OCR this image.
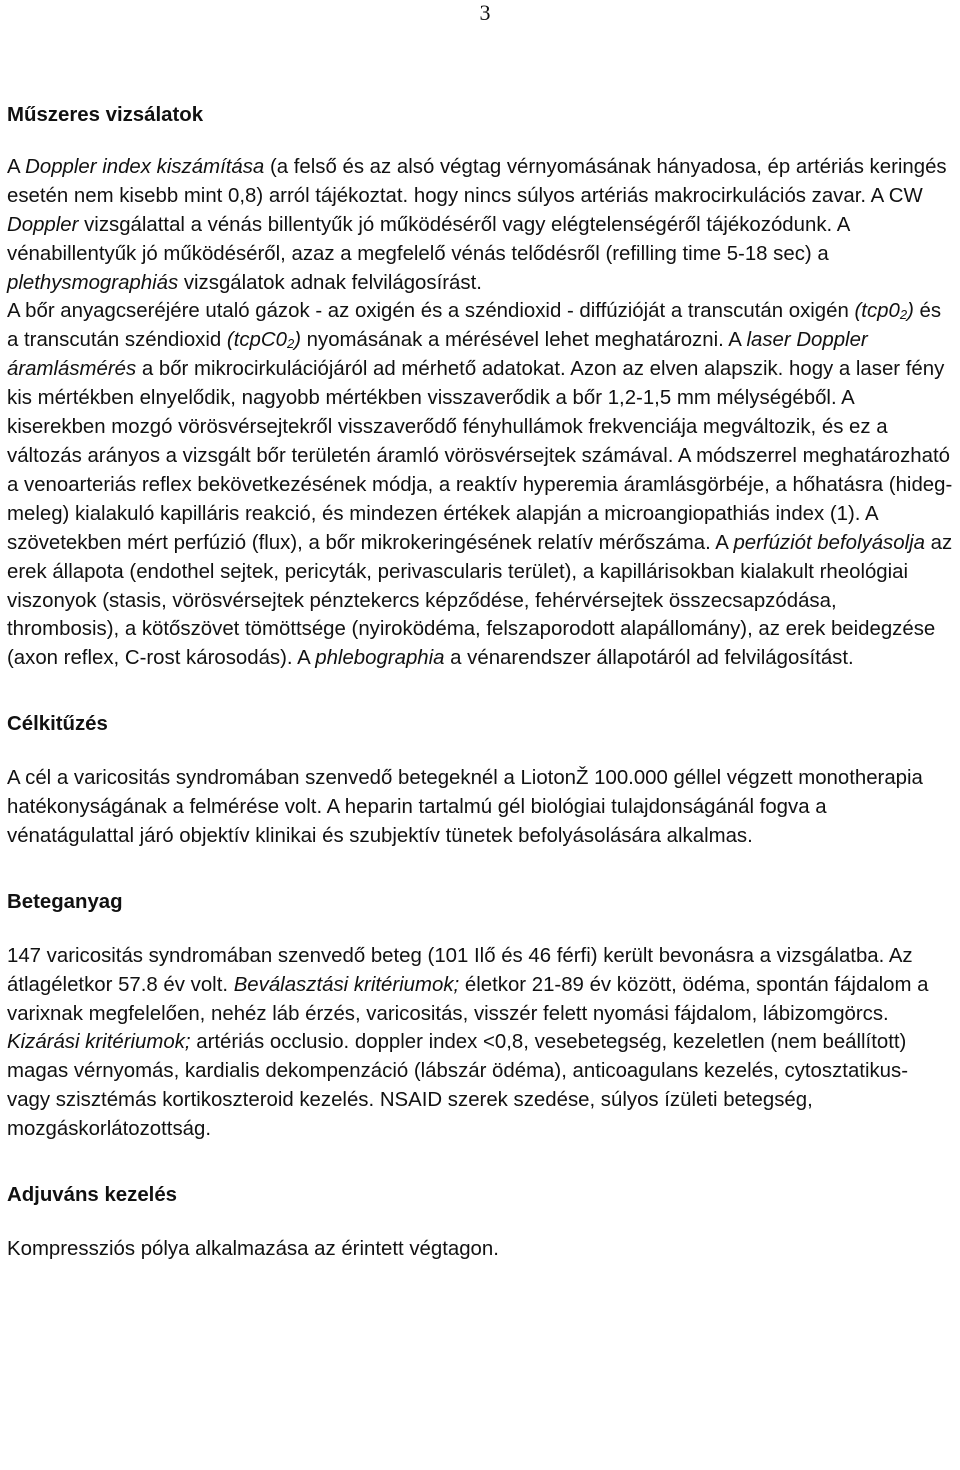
3
Műszeres vizsálatok

A Doppler index kiszámítása (a felső és az alsó végtag vérnyomásának hányadosa, ép artériás keringés esetén nem kisebb mint 0,8) arról tájékoztat. hogy nincs súlyos artériás makrocirkulációs zavar. A CW Doppler vizsgálattal a vénás billentyűk jó működéséről vagy elégtelenségéről tájékozódunk. A vénabillentyűk jó működéséről, azaz a megfelelő vénás telődésről (refilling time 5-18 sec) a plethysmographiás vizsgálatok adnak felvilágosírást.
A bőr anyagcseréjére utaló gázok - az oxigén és a széndioxid - diffúzióját a transcután oxigén $(tcp0_2)$ és a transcután széndioxid $(tcpC0_2)$ nyomásának a mérésével lehet meghatározni. A laser Doppler áramlásmérés a bőr mikrocirkulációjáról ad mérhető adatokat. Azon az elven alapszik. hogy a laser fény kis mértékben elnyelődik, nagyobb mértékben visszaverődik a bőr 1,2-1,5 mm mélységéből. A kiserekben mozgó vörösvérsejtekről visszaverődő fényhullámok frekvenciája megváltozik, és ez a változás arányos a vizsgált bőr területén áramló vörösvérsejtek számával. A módszerrel meghatározható a venoarteriás reflex bekövetkezésének módja, a reaktív hyperemia áramlásgörbéje, a hőhatásra (hideg-meleg) kialakuló kapilláris reakció, és mindezen értékek alapján a microangiopathiás index (1). A szövetekben mért perfúzió (flux), a bőr mikrokeringésének relatív mérőszáma. A perfúziót befolyásolja az erek állapota (endothel sejtek, pericyták, perivascularis terület), a kapillárisokban kialakult rheológiai viszonyok (stasis, vörösvérsejtek pénztekercs képződése, fehérvérsejtek összecsapzódása, thrombosis), a kötőszövet tömöttsége (nyiroködéma, felszaporodott alapállomány), az erek beidegzése (axon reflex, C-rost károsodás). A phlebographia a vénarendszer állapotáról ad felvilágosítást.

Célkitűzés

A cél a varicositás syndromában szenvedő betegeknél a LiotonŽ 100.000 géllel végzett monotherapia hatékonyságának a felmérése volt. A heparin tartalmú gél biológiai tulajdonságánál fogva a vénatágulattal járó objektív klinikai és szubjektív tünetek befolyásolására alkalmas.

Beteganyag

147 varicositás syndromában szenvedő beteg (101 Ilő és 46 férfi) került bevonásra a vizsgálatba. Az átlagéletkor 57.8 év volt. Beválasztási kritériumok; életkor 21-89 év között, ödéma, spontán fájdalom a varixnak megfelelően, nehéz láb érzés, varicositás, visszér felett nyomási fájdalom, lábizomgörcs. Kizárási kritériumok; artériás occlusio. doppler index <0,8, vesebetegség, kezeletlen (nem beállított) magas vérnyomás, kardialis dekompenzáció (lábszár ödéma), anticoagulans kezelés, cytosztatikus- vagy szisztémás kortikoszteroid kezelés. NSAID szerek szedése, súlyos ízületi betegség, mozgáskorlátozottság.

Adjuváns kezelés

Kompressziós pólya alkalmazása az érintett végtagon.
